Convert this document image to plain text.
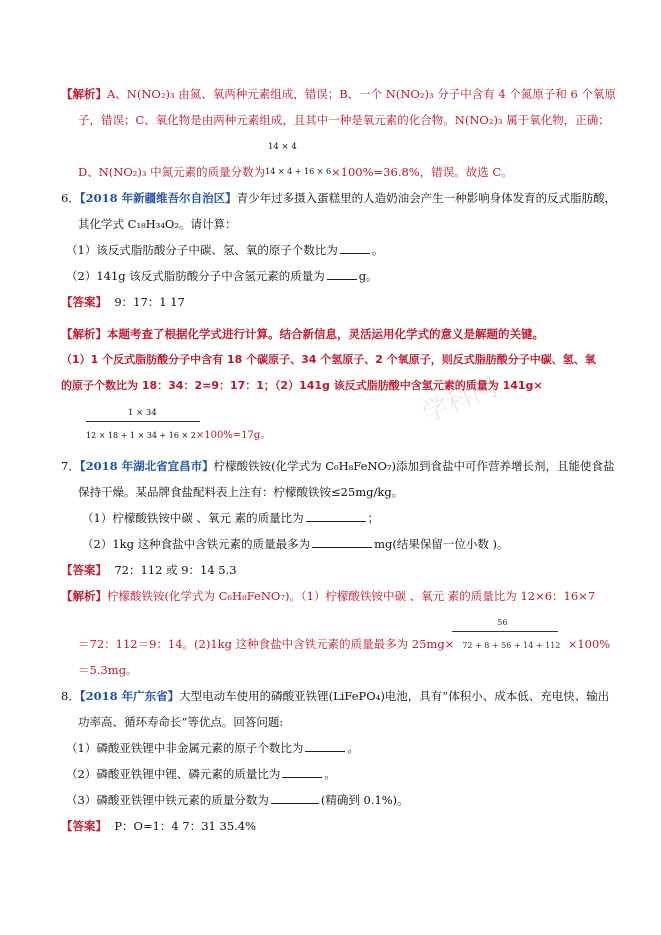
学科网
【解析】A、N(NO₂)₃ 由氮、氧两种元素组成，错误；B、一个 N(NO₂)₃ 分子中含有 4 个氮原子和 6 个氧原
子，错误；C、氧化物是由两种元素组成，且其中一种是氧元素的化合物。N(NO₂)₃ 属于氧化物，正确；
14 × 4
D、N(NO₂)₃ 中氮元素的质量分数为14 × 4 + 16 × 6×100%=36.8%，错误。故选 C。
6．【2018 年新疆维吾尔自治区】青少年过多摄入蛋糕里的人造奶油会产生一种影响身体发育的反式脂肪酸，
其化学式 C₁₈H₃₄O₂。请计算：
（1）该反式脂肪酸分子中碳、氢、氧的原子个数比为	。
（2）141g 该反式脂肪酸分子中含氢元素的质量为	g。
【答案】 9：17：1 17
【解析】本题考查了根据化学式进行计算。结合新信息，灵活运用化学式的意义是解题的关键。
（1）1 个反式脂肪酸分子中含有 18 个碳原子、34 个氢原子、2 个氧原子，则反式脂肪酸分子中碳、氢、氧
的原子个数比为 18：34：2=9：17：1；（2）141g 该反式脂肪酸中含氢元素的质量为 141g×
1 × 34
12 × 18 + 1 × 34 + 16 × 2×100%=17g。
7．【2018 年湖北省宜昌市】柠檬酸铁铵(化学式为 C₆H₈FeNO₇)添加到食盐中可作营养增长剂，且能使食盐
保持干燥。某品牌食盐配料表上注有：柠檬酸铁铵≤25mg/kg。
（1）柠檬酸铁铵中碳 、氧元 素的质量比为	；
（2）1kg 这种食盐中含铁元素的质量最多为	mg(结果保留一位小数 )。
【答案】 72：112 或 9：14 5.3
【解析】柠檬酸铁铵(化学式为 C₆H₈FeNO₇)。（1）柠檬酸铁铵中碳 、氧元 素的质量比为 12×6：16×7
56
＝72：112＝9：14。(2)1kg 这种食盐中含铁元素的质量最多为 25mg× 72 + 8 + 56 + 14 + 112 ×100%
＝5.3mg。
8．【2018 年广东省】大型电动车使用的磷酸亚铁锂(LiFePO₄)电池，具有“体积小、成本低、充电快、输出
功率高、循环寿命长”等优点。回答问题:
（1）磷酸亚铁锂中非金属元素的原子个数比为	。
（2）磷酸亚铁锂中锂、磷元素的质量比为	。
（3）磷酸亚铁锂中铁元素的质量分数为	(精确到 0.1%)。
【答案】 P：O=1：4 7：31 35.4%
